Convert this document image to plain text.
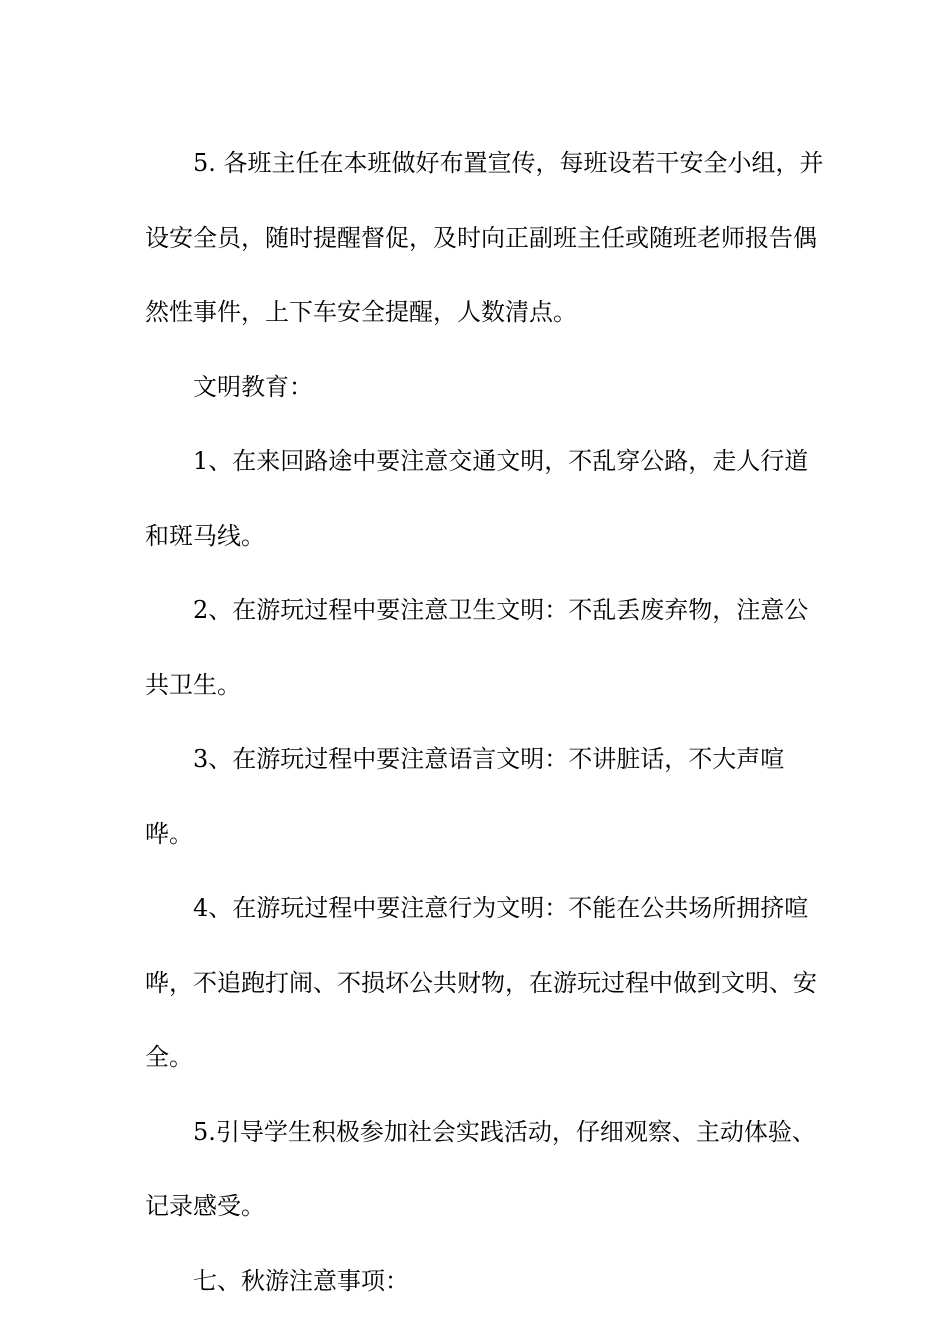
5. 各班主任在本班做好布置宣传，每班设若干安全小组，并设安全员，随时提醒督促，及时向正副班主任或随班老师报告偶然性事件，上下车安全提醒，人数清点。

文明教育：

1、在来回路途中要注意交通文明，不乱穿公路，走人行道和斑马线。

2、在游玩过程中要注意卫生文明：不乱丢废弃物，注意公共卫生。

3、在游玩过程中要注意语言文明：不讲脏话，不大声喧哗。

4、在游玩过程中要注意行为文明：不能在公共场所拥挤喧哗，不追跑打闹、不损坏公共财物，在游玩过程中做到文明、安全。

5.引导学生积极参加社会实践活动，仔细观察、主动体验、记录感受。

七、秋游注意事项：
